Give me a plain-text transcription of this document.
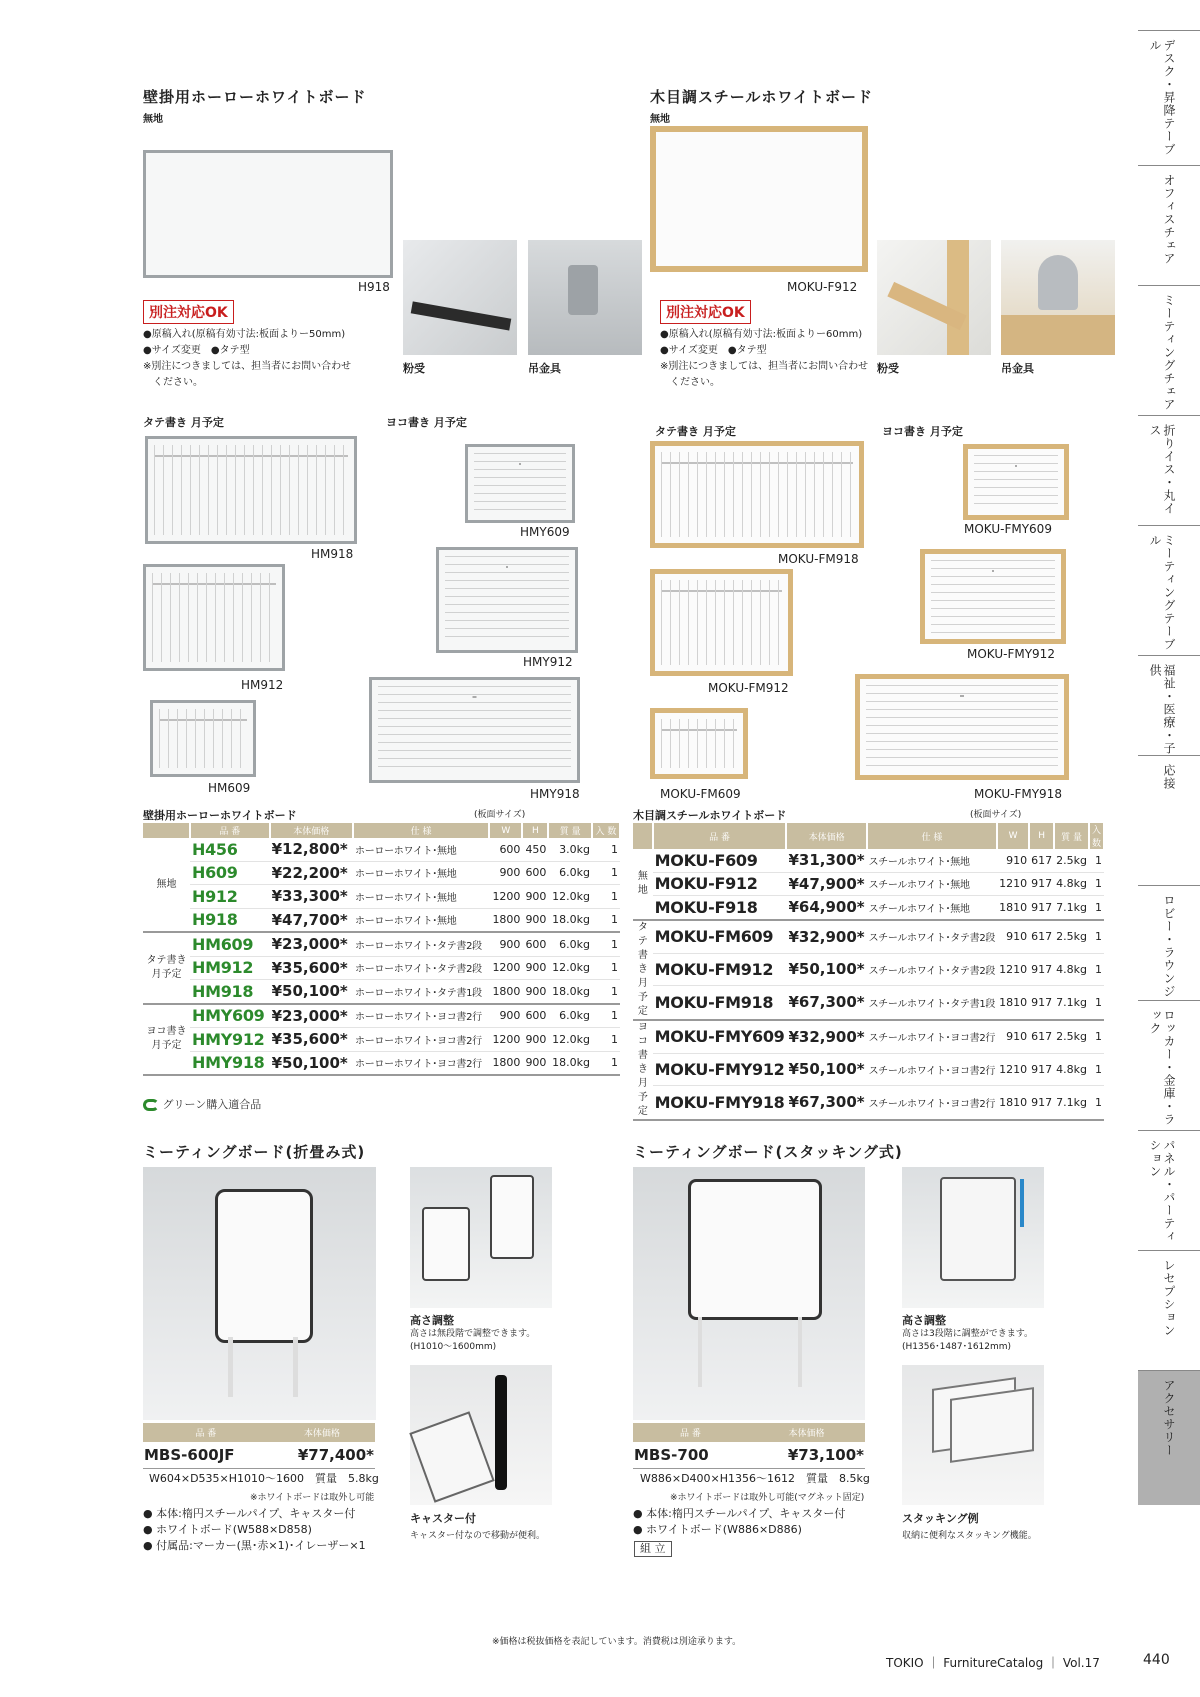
壁掛用ホーローホワイトボード
無地
H918
別注対応OK
●原稿入れ(原稿有効寸法:板面よりー50mm)
●サイズ変更　●タテ型
※別注につきましては、担当者にお問い合わせ
　ください。
粉受	吊金具
木目調スチールホワイトボード
無地
MOKU-F912
別注対応OK
●原稿入れ(原稿有効寸法:板面よりー60mm)
●サイズ変更　●タテ型
※別注につきましては、担当者にお問い合わせ
　ください。
粉受	吊金具
タテ書き 月予定	ヨコ書き 月予定
HM918
HM912
HM609
HMY609
HMY912
HMY918
タテ書き 月予定	ヨコ書き 月予定
MOKU-FM918
MOKU-FM912
MOKU-FM609
MOKU-FMY609
MOKU-FMY912
MOKU-FMY918
壁掛用ホーローホワイトボード	(板面サイズ)
	品 番	本体価格	仕 様	W	H	質 量	入 数
無地	H456	¥12,800*	ホーローホワイト･無地	600	450	3.0kg	1
	H609	¥22,200*	ホーローホワイト･無地	900	600	6.0kg	1
	H912	¥33,300*	ホーローホワイト･無地	1200	900	12.0kg	1
	H918	¥47,700*	ホーローホワイト･無地	1800	900	18.0kg	1
タテ書き
月予定	HM609	¥23,000*	ホーローホワイト･タテ書2段	900	600	6.0kg	1
	HM912	¥35,600*	ホーローホワイト･タテ書2段	1200	900	12.0kg	1
	HM918	¥50,100*	ホーローホワイト･タテ書1段	1800	900	18.0kg	1
ヨコ書き
月予定	HMY609	¥23,000*	ホーローホワイト･ヨコ書2行	900	600	6.0kg	1
	HMY912	¥35,600*	ホーローホワイト･ヨコ書2行	1200	900	12.0kg	1
	HMY918	¥50,100*	ホーローホワイト･ヨコ書2行	1800	900	18.0kg	1
木目調スチールホワイトボード	(板面サイズ)
	品 番	本体価格	仕 様	W	H	質 量	入 数
無地	MOKU-F609	¥31,300*	スチールホワイト･無地	910	617	2.5kg	1
	MOKU-F912	¥47,900*	スチールホワイト･無地	1210	917	4.8kg	1
	MOKU-F918	¥64,900*	スチールホワイト･無地	1810	917	7.1kg	1
タテ書き
月予定	MOKU-FM609	¥32,900*	スチールホワイト･タテ書2段	910	617	2.5kg	1
	MOKU-FM912	¥50,100*	スチールホワイト･タテ書2段	1210	917	4.8kg	1
	MOKU-FM918	¥67,300*	スチールホワイト･タテ書1段	1810	917	7.1kg	1
ヨコ書き
月予定	MOKU-FMY609	¥32,900*	スチールホワイト･ヨコ書2行	910	617	2.5kg	1
	MOKU-FMY912	¥50,100*	スチールホワイト･ヨコ書2行	1210	917	4.8kg	1
	MOKU-FMY918	¥67,300*	スチールホワイト･ヨコ書2行	1810	917	7.1kg	1
グリーン購入適合品
ミーティングボード(折畳み式)
高さ調整
高さは無段階で調整できます。
(H1010～1600mm)
キャスター付
キャスター付なので移動が便利。
品 番	本体価格
MBS-600JF	¥77,400*
W604×D535×H1010～1600　質量　5.8kg
※ホワイトボードは取外し可能
● 本体:楕円スチールパイプ、キャスター付
● ホワイトボード(W588×D858)
● 付属品:マーカー(黒･赤×1)･イレーザー×1
ミーティングボード(スタッキング式)
高さ調整
高さは3段階に調整ができます。
(H1356･1487･1612mm)
スタッキング例
収納に便利なスタッキング機能。
品 番	本体価格
MBS-700	¥73,100*
W886×D400×H1356～1612　質量　8.5kg
※ホワイトボードは取外し可能(マグネット固定)
● 本体:楕円スチールパイプ、キャスター付
● ホワイトボード(W886×D886)
組 立
※価格は税抜価格を表記しています。消費税は別途承ります。
TOKIO ｜ FurnitureCatalog ｜ Vol.17	440
デスク・昇降テーブル
オフィスチェア
ミーティングチェア
折りイス・丸イス
ミーティングテーブル
福祉・医療・子供
応接
ロビー・ラウンジ
ロッカー・金庫・ラック
パネル・パーティション
レセプション
アクセサリー
